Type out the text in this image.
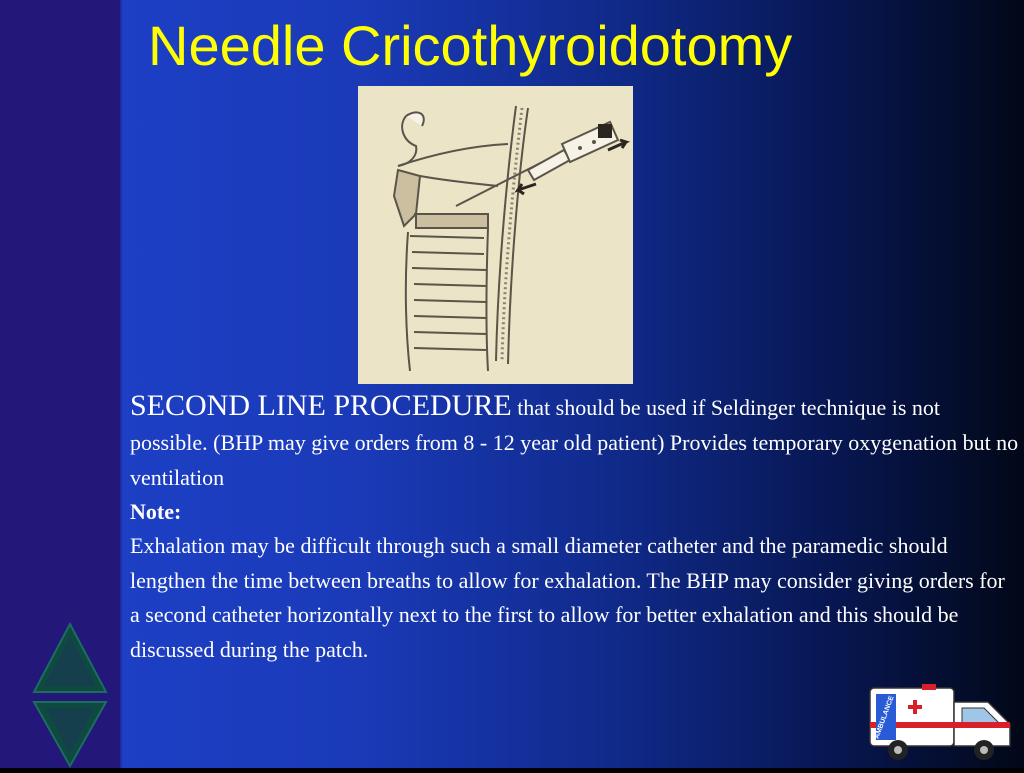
Needle Cricothyroidotomy

SECOND LINE PROCEDURE that should be used if Seldinger technique is not possible. (BHP may give orders from 8 - 12 year old patient) Provides temporary oxygenation but no ventilation

Note:

Exhalation may be difficult through such a small diameter catheter and the paramedic should lengthen the time between breaths to allow for exhalation. The BHP may consider giving orders for a second catheter horizontally next to the first to allow for better exhalation and this should be discussed during the patch.

AMBULANCE
